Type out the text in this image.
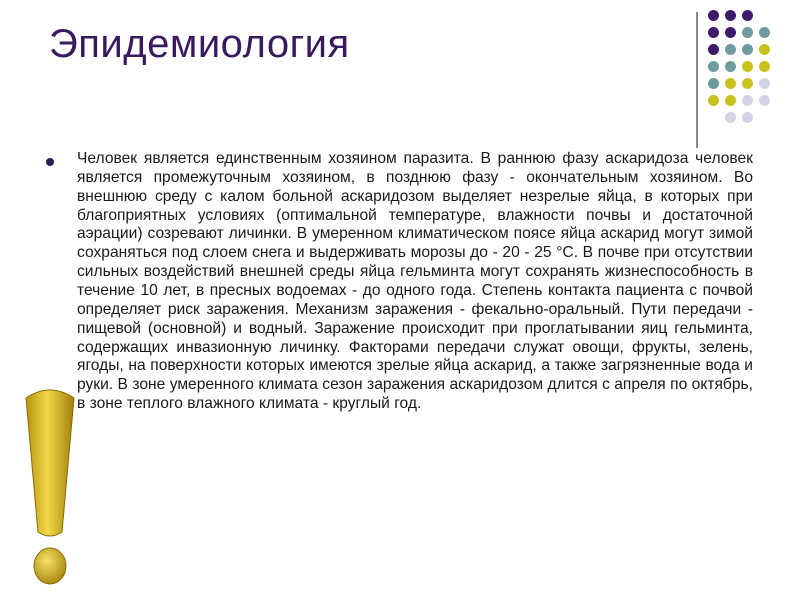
Эпидемиология

Человек является единственным хозяином паразита. В раннюю фазу аскаридоза человек является промежуточным хозяином, в позднюю фазу - окончательным хозяином. Во внешнюю среду с калом больной аскаридозом выделяет незрелые яйца, в которых при благоприятных условиях (оптимальной температуре, влажности почвы и достаточной аэрации) созревают личинки. В умеренном климатическом поясе яйца аскарид могут зимой сохраняться под слоем снега и выдерживать морозы до - 20 - 25 °С. В почве при отсутствии сильных воздействий внешней среды яйца гельминта могут сохранять жизнеспособность в течение 10 лет, в пресных водоемах - до одного года. Степень контакта пациента с почвой определяет риск заражения. Механизм заражения - фекально-оральный. Пути передачи - пищевой (основной) и водный. Заражение происходит при проглатывании яиц гельминта, содержащих инвазионную личинку. Факторами передачи служат овощи, фрукты, зелень, ягоды, на поверхности которых имеются зрелые яйца аскарид, а также загрязненные вода и руки. В зоне умеренного климата сезон заражения аскаридозом длится с апреля по октябрь, в зоне теплого влажного климата - круглый год.
